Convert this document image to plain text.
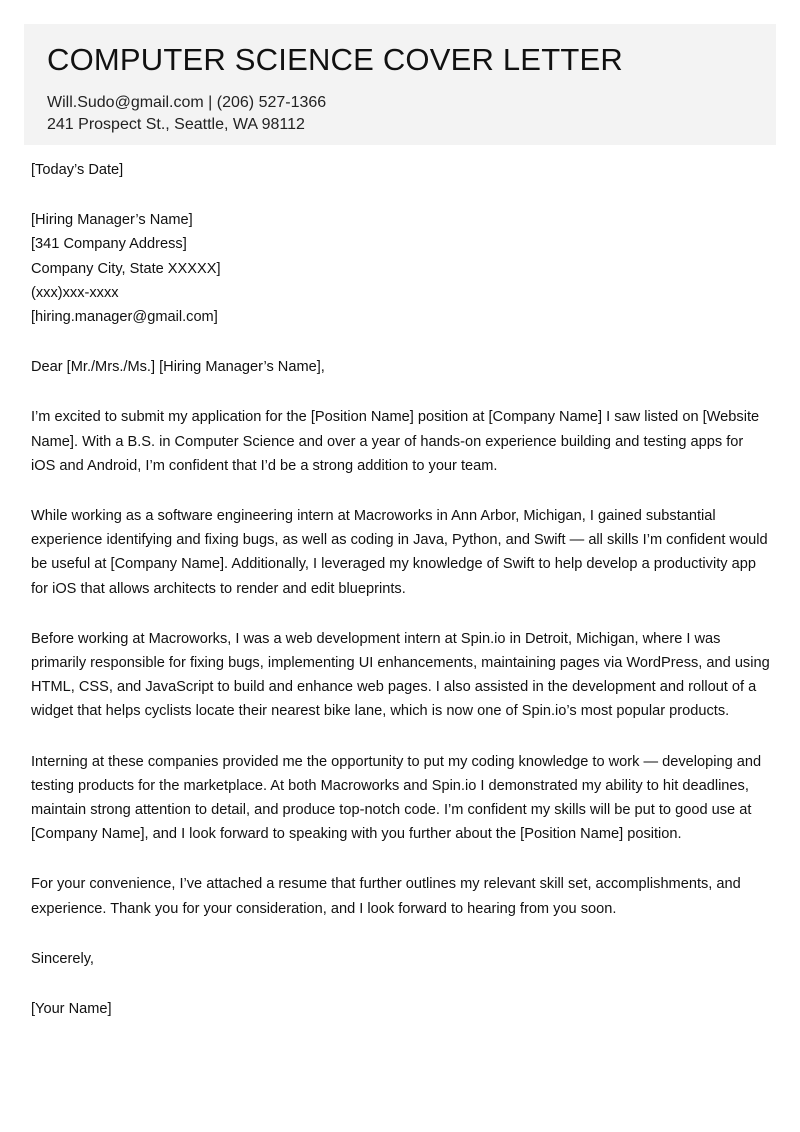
COMPUTER SCIENCE COVER LETTER
Will.Sudo@gmail.com | (206) 527-1366
241 Prospect St., Seattle, WA 98112

[Today’s Date]

[Hiring Manager’s Name]
[341 Company Address]
Company City, State XXXXX]
(xxx)xxx-xxxx
[hiring.manager@gmail.com]

Dear [Mr./Mrs./Ms.] [Hiring Manager’s Name],

I’m excited to submit my application for the [Position Name] position at [Company Name] I saw listed on [Website Name]. With a B.S. in Computer Science and over a year of hands-on experience building and testing apps for iOS and Android, I’m confident that I’d be a strong addition to your team.

While working as a software engineering intern at Macroworks in Ann Arbor, Michigan, I gained substantial experience identifying and fixing bugs, as well as coding in Java, Python, and Swift — all skills I’m confident would be useful at [Company Name]. Additionally, I leveraged my knowledge of Swift to help develop a productivity app for iOS that allows architects to render and edit blueprints.

Before working at Macroworks, I was a web development intern at Spin.io in Detroit, Michigan, where I was primarily responsible for fixing bugs, implementing UI enhancements, maintaining pages via WordPress, and using HTML, CSS, and JavaScript to build and enhance web pages. I also assisted in the development and rollout of a widget that helps cyclists locate their nearest bike lane, which is now one of Spin.io’s most popular products.

Interning at these companies provided me the opportunity to put my coding knowledge to work — developing and testing products for the marketplace. At both Macroworks and Spin.io I demonstrated my ability to hit deadlines, maintain strong attention to detail, and produce top-notch code. I’m confident my skills will be put to good use at [Company Name], and I look forward to speaking with you further about the [Position Name] position.

For your convenience, I’ve attached a resume that further outlines my relevant skill set, accomplishments, and experience. Thank you for your consideration, and I look forward to hearing from you soon.

Sincerely,

[Your Name]
